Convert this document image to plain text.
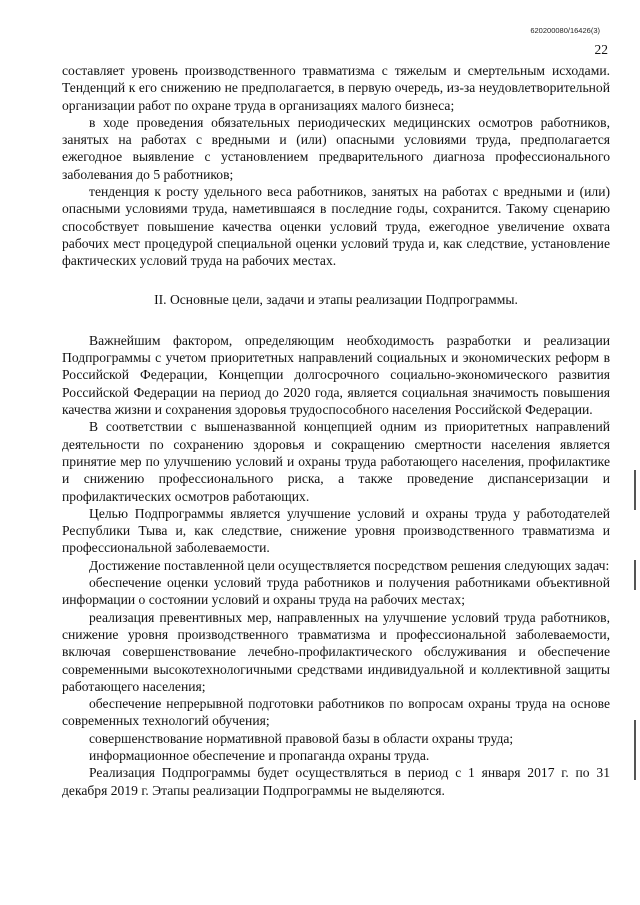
620200080/16426(3)
22

составляет уровень производственного травматизма с тяжелым и смертельным исходами. Тенденций к его снижению не предполагается, в первую очередь, из-за неудовлетворительной организации работ по охране труда в организациях малого бизнеса;

в ходе проведения обязательных периодических медицинских осмотров работников, занятых на работах с вредными и (или) опасными условиями труда, предполагается ежегодное выявление с установлением предварительного диагноза профессионального заболевания до 5 работников;

тенденция к росту удельного веса работников, занятых на работах с вредными и (или) опасными условиями труда, наметившаяся в последние годы, сохранится. Такому сценарию способствует повышение качества оценки условий труда, ежегодное увеличение охвата рабочих мест процедурой специальной оценки условий труда и, как следствие, установление фактических условий труда на рабочих местах.

II. Основные цели, задачи и этапы реализации Подпрограммы.

Важнейшим фактором, определяющим необходимость разработки и реализации Подпрограммы с учетом приоритетных направлений социальных и экономических реформ в Российской Федерации, Концепции долгосрочного социально-экономического развития Российской Федерации на период до 2020 года, является социальная значимость повышения качества жизни и сохранения здоровья трудоспособного населения Российской Федерации.

В соответствии с вышеназванной концепцией одним из приоритетных направлений деятельности по сохранению здоровья и сокращению смертности населения является принятие мер по улучшению условий и охраны труда работающего населения, профилактике и снижению профессионального риска, а также проведение диспансеризации и профилактических осмотров работающих.

Целью Подпрограммы является улучшение условий и охраны труда у работодателей Республики Тыва и, как следствие, снижение уровня производственного травматизма и профессиональной заболеваемости.

Достижение поставленной цели осуществляется посредством решения следующих задач:

обеспечение оценки условий труда работников и получения работниками объективной информации о состоянии условий и охраны труда на рабочих местах;

реализация превентивных мер, направленных на улучшение условий труда работников, снижение уровня производственного травматизма и профессиональной заболеваемости, включая совершенствование лечебно-профилактического обслуживания и обеспечение современными высокотехнологичными средствами индивидуальной и коллективной защиты работающего населения;

обеспечение непрерывной подготовки работников по вопросам охраны труда на основе современных технологий обучения;

совершенствование нормативной правовой базы в области охраны труда;

информационное обеспечение и пропаганда охраны труда.

Реализация Подпрограммы будет осуществляться в период с 1 января 2017 г. по 31 декабря 2019 г. Этапы реализации Подпрограммы не выделяются.
